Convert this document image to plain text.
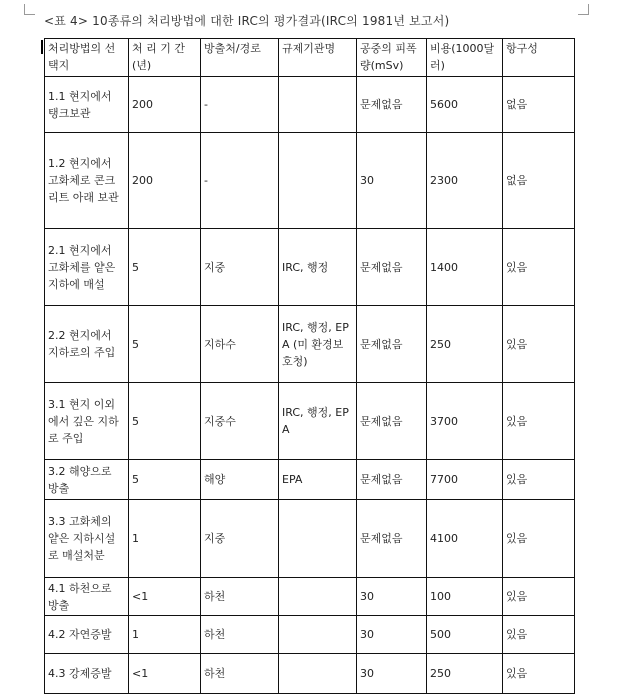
<표 4> 10종류의 처리방법에 대한 IRC의 평가결과(IRC의 1981년 보고서)
처리방법의 선택지	처 리 기 간 (년)	방출처/경로	규제기관명	공중의 피폭량(mSv)	비용(1000달러)	항구성
1.1 현지에서 탱크보관	200	-		문제없음	5600	없음
1.2 현지에서 고화체로 콘크리트 아래 보관	200	-		30	2300	없음
2.1 현지에서 고화체를 얕은 지하에 매설	5	지중	IRC, 행정	문제없음	1400	있음
2.2 현지에서 지하로의 주입	5	지하수	IRC, 행정, EPA (미 환경보호청)	문제없음	250	있음
3.1 현지 이외에서 깊은 지하로 주입	5	지중수	IRC, 행정, EPA	문제없음	3700	있음
3.2 해양으로 방출	5	해양	EPA	문제없음	7700	있음
3.3 고화체의 얕은 지하시설로 매설처분	1	지중		문제없음	4100	있음
4.1 하천으로 방출	<1	하천		30	100	있음
4.2 자연증발	1	하천		30	500	있음
4.3 강제증발	<1	하천		30	250	있음
